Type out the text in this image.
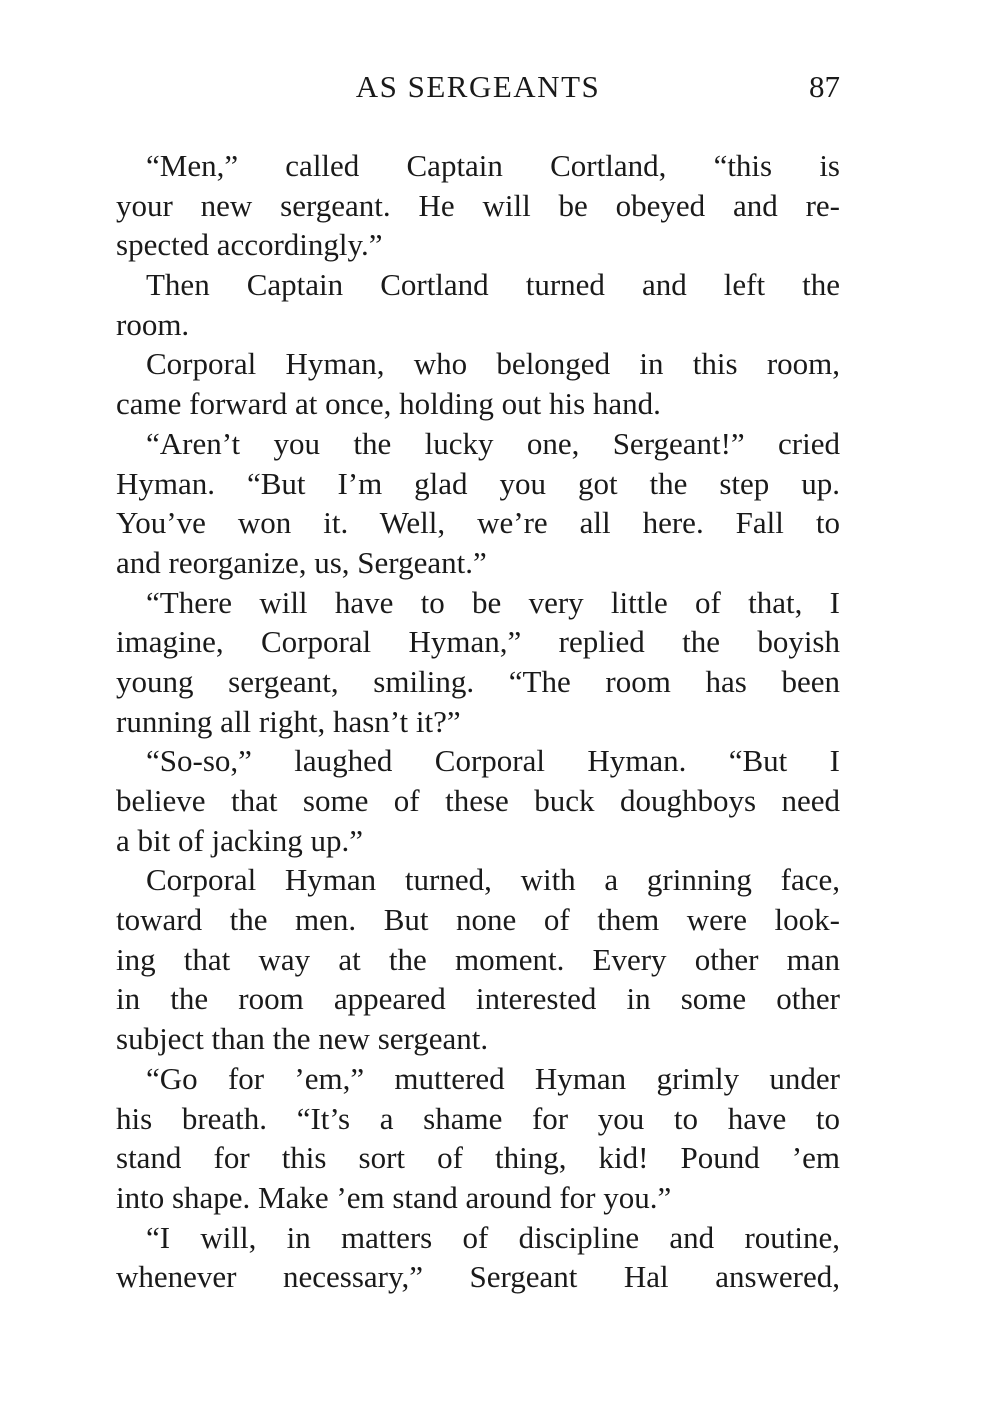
AS SERGEANTS	87
“Men,” called Captain Cortland, “this is
your new sergeant. He will be obeyed and re-
spected accordingly.”
Then Captain Cortland turned and left the
room.
Corporal Hyman, who belonged in this room,
came forward at once, holding out his hand.
“Aren’t you the lucky one, Sergeant!” cried
Hyman. “But I’m glad you got the step up.
You’ve won it. Well, we’re all here. Fall to
and reorganize, us, Sergeant.”
“There will have to be very little of that, I
imagine, Corporal Hyman,” replied the boyish
young sergeant, smiling. “The room has been
running all right, hasn’t it?”
“So-so,” laughed Corporal Hyman. “But I
believe that some of these buck doughboys need
a bit of jacking up.”
Corporal Hyman turned, with a grinning face,
toward the men. But none of them were look-
ing that way at the moment. Every other man
in the room appeared interested in some other
subject than the new sergeant.
“Go for ’em,” muttered Hyman grimly under
his breath. “It’s a shame for you to have to
stand for this sort of thing, kid! Pound ’em
into shape. Make ’em stand around for you.”
“I will, in matters of discipline and routine,
whenever necessary,” Sergeant Hal answered,
